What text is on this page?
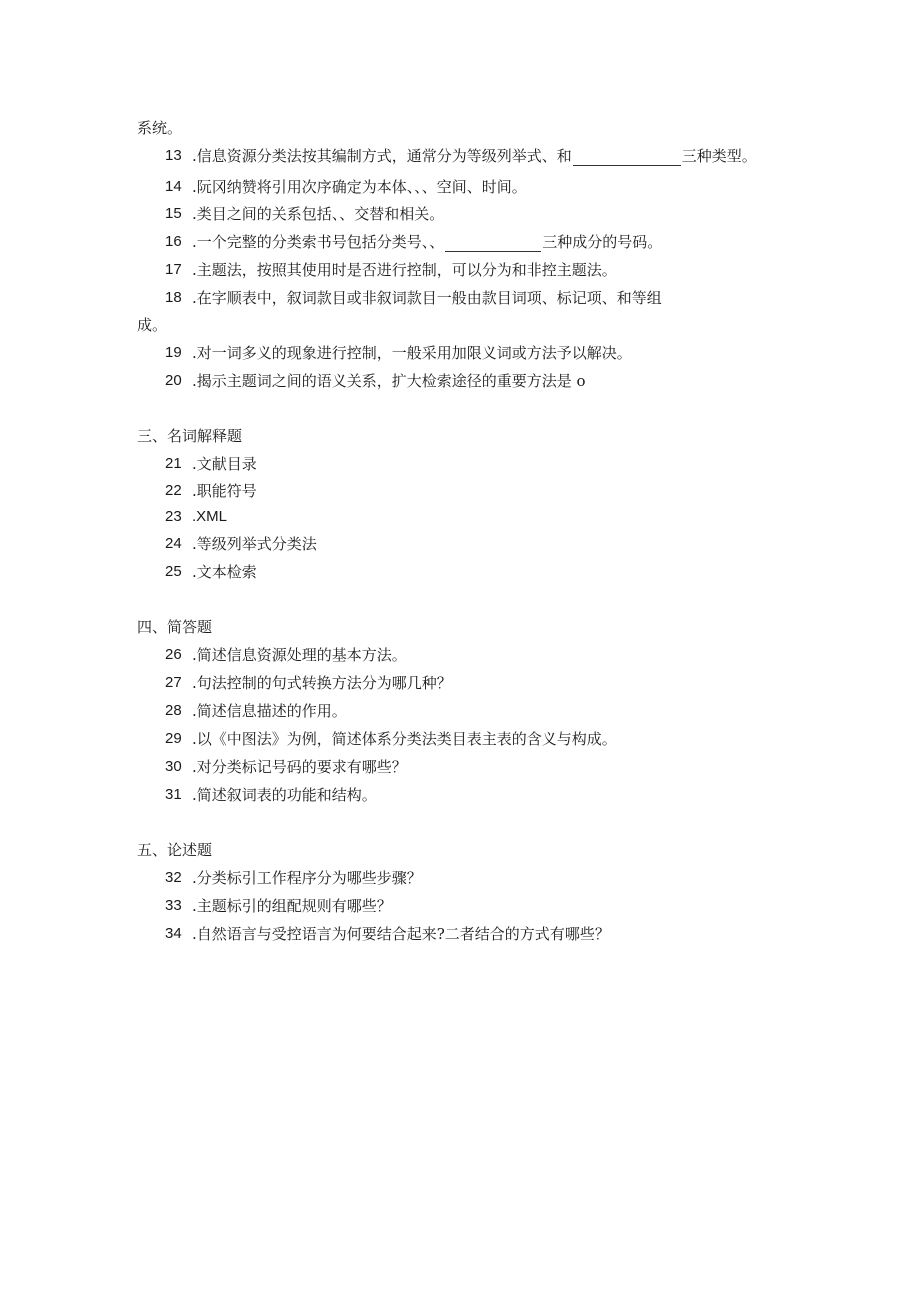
系统。
13 .信息资源分类法按其编制方式，通常分为等级列举式、和	三种类型。
14 .阮冈纳赞将引用次序确定为本体、、、空间、时间。
15 .类目之间的关系包括、、交替和相关。
16 .一个完整的分类索书号包括分类号、、	三种成分的号码。
17 .主题法，按照其使用时是否进行控制，可以分为和非控主题法。
18 .在字顺表中，叙词款目或非叙词款目一般由款目词项、标记项、和等组
成。
19 .对一词多义的现象进行控制，一般采用加限义词或方法予以解决。
20 .揭示主题词之间的语义关系，扩大检索途径的重要方法是 o
三、名词解释题
21 .文献目录
22 .职能符号
23 .XML
24 .等级列举式分类法
25 .文本检索
四、简答题
26 .简述信息资源处理的基本方法。
27 .句法控制的句式转换方法分为哪几种？
28 .简述信息描述的作用。
29 .以《中图法》为例，简述体系分类法类目表主表的含义与构成。
30 .对分类标记号码的要求有哪些？
31 .简述叙词表的功能和结构。
五、论述题
32 .分类标引工作程序分为哪些步骤？
33 .主题标引的组配规则有哪些？
34 .自然语言与受控语言为何要结合起来?二者结合的方式有哪些？
